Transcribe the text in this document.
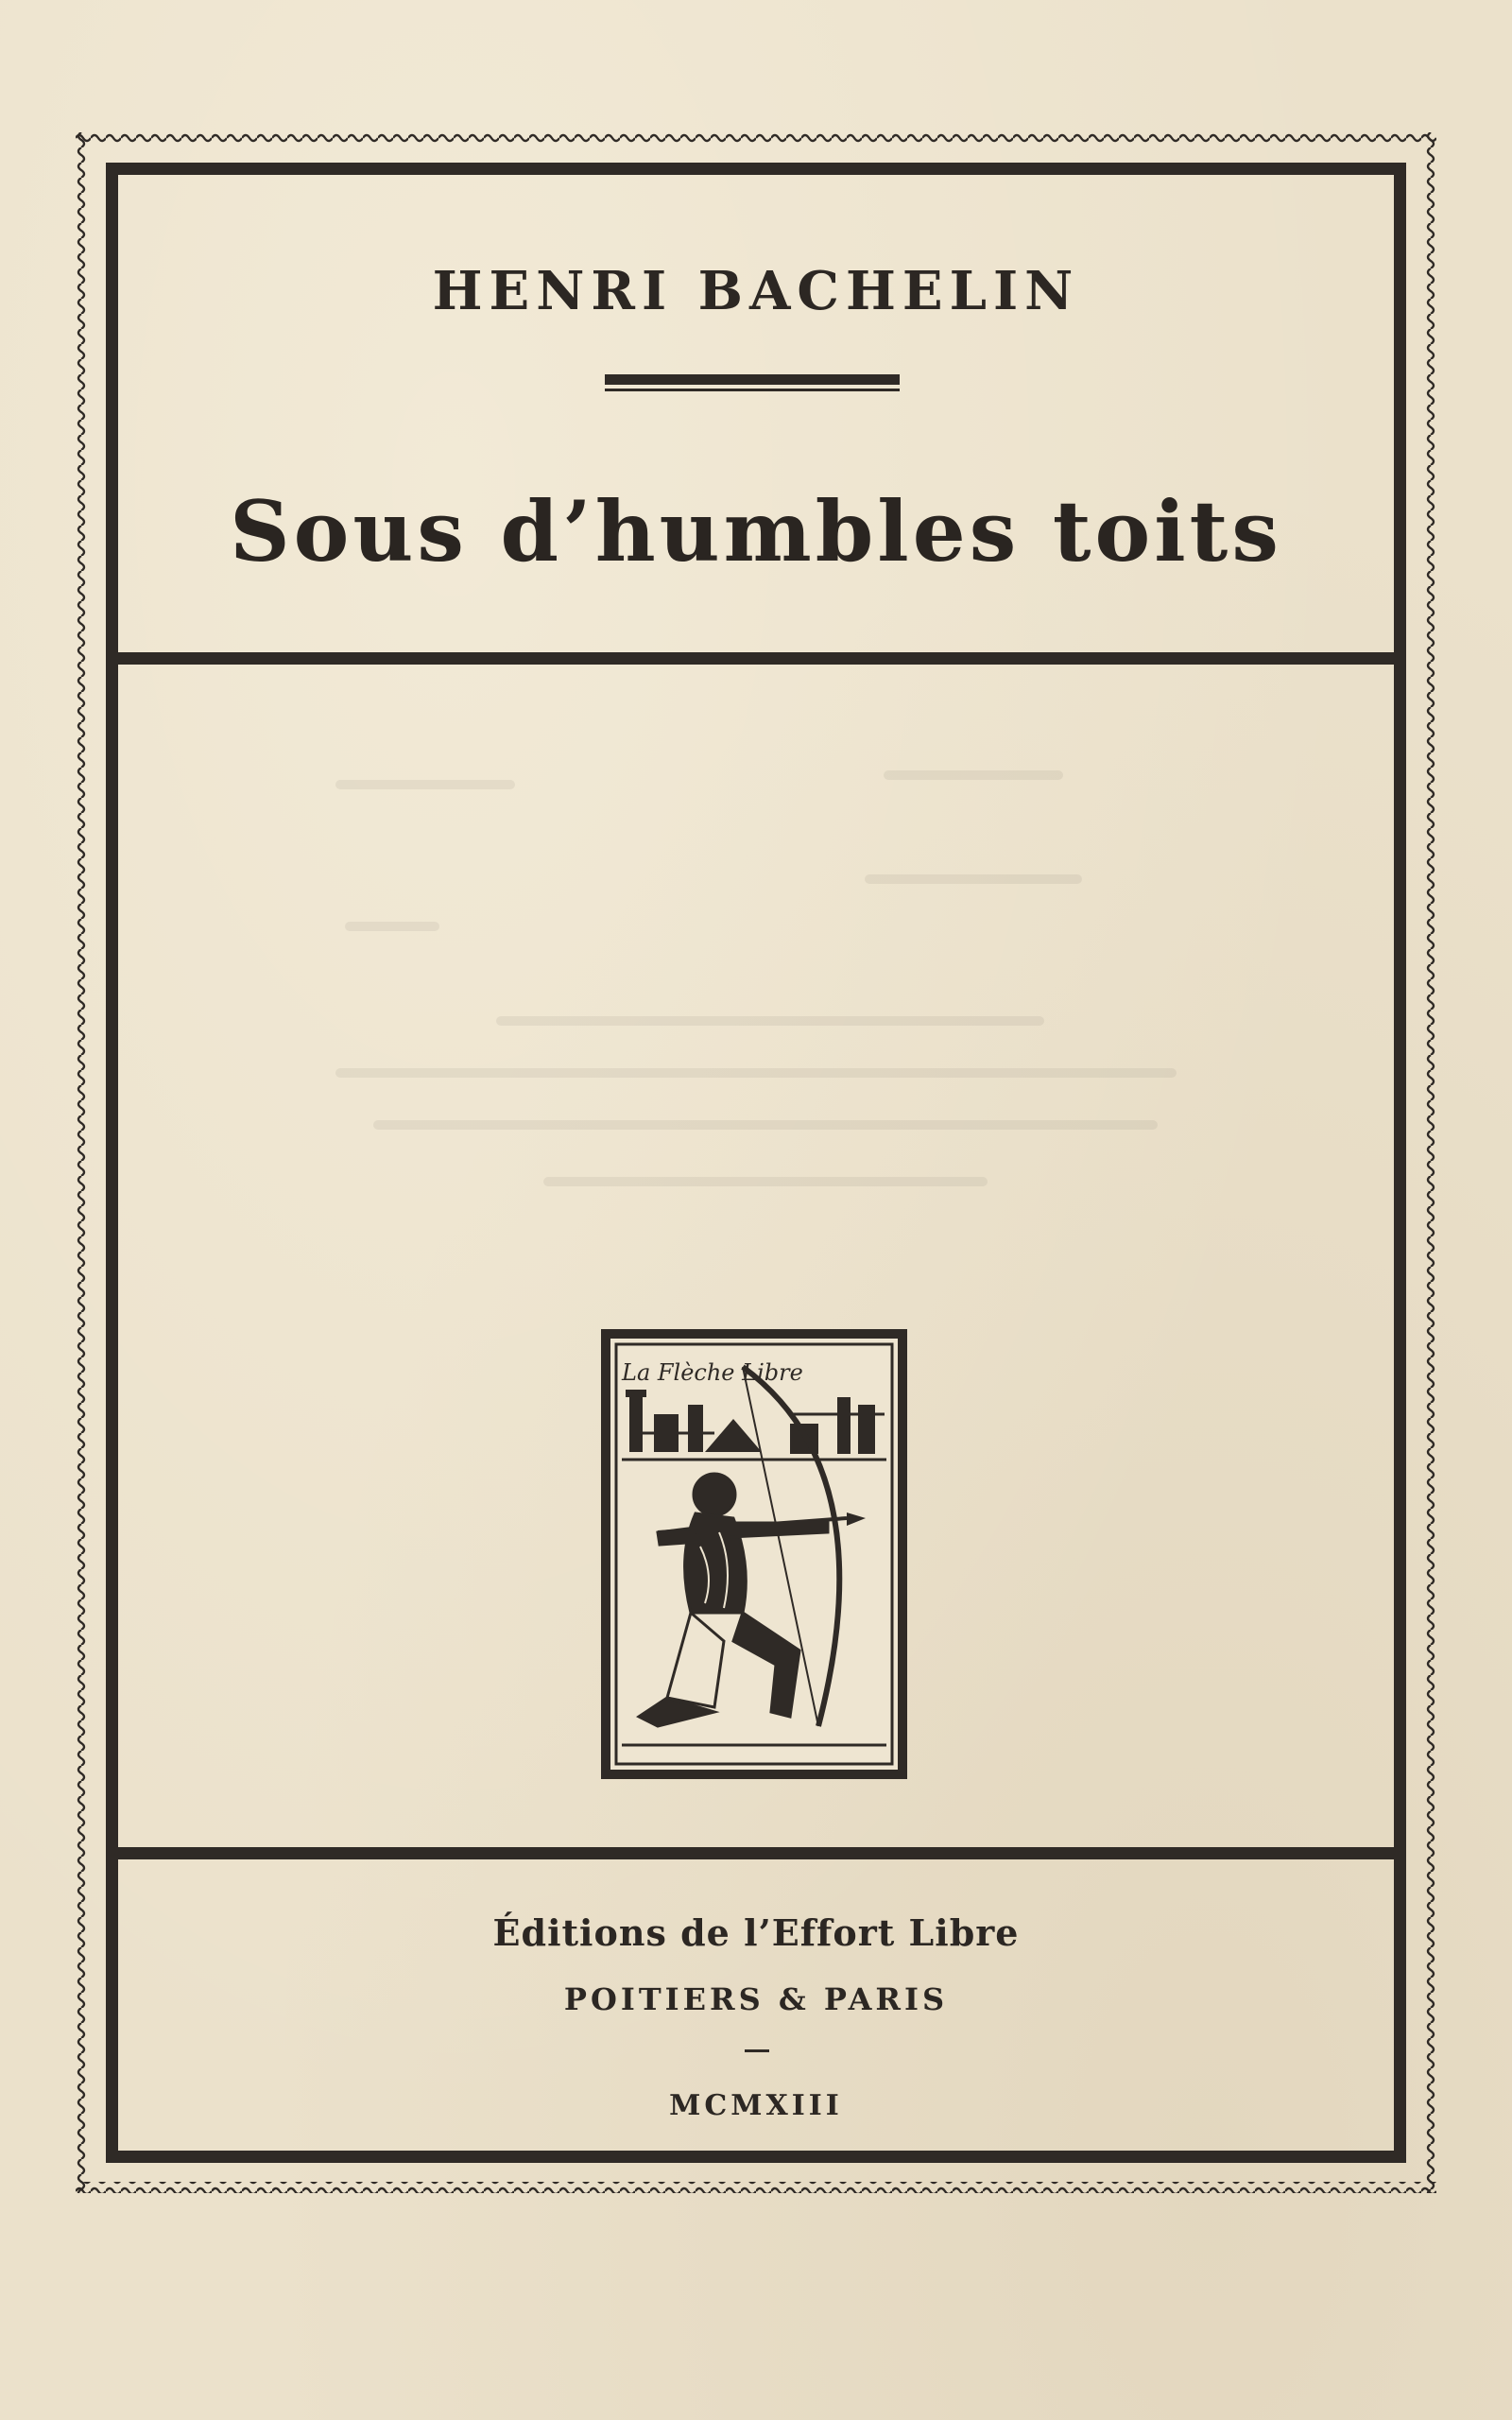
HENRI BACHELIN
Sous d’humbles toits
La Flèche Libre
Éditions de l’Effort Libre
POITIERS & PARIS
MCMXIII
